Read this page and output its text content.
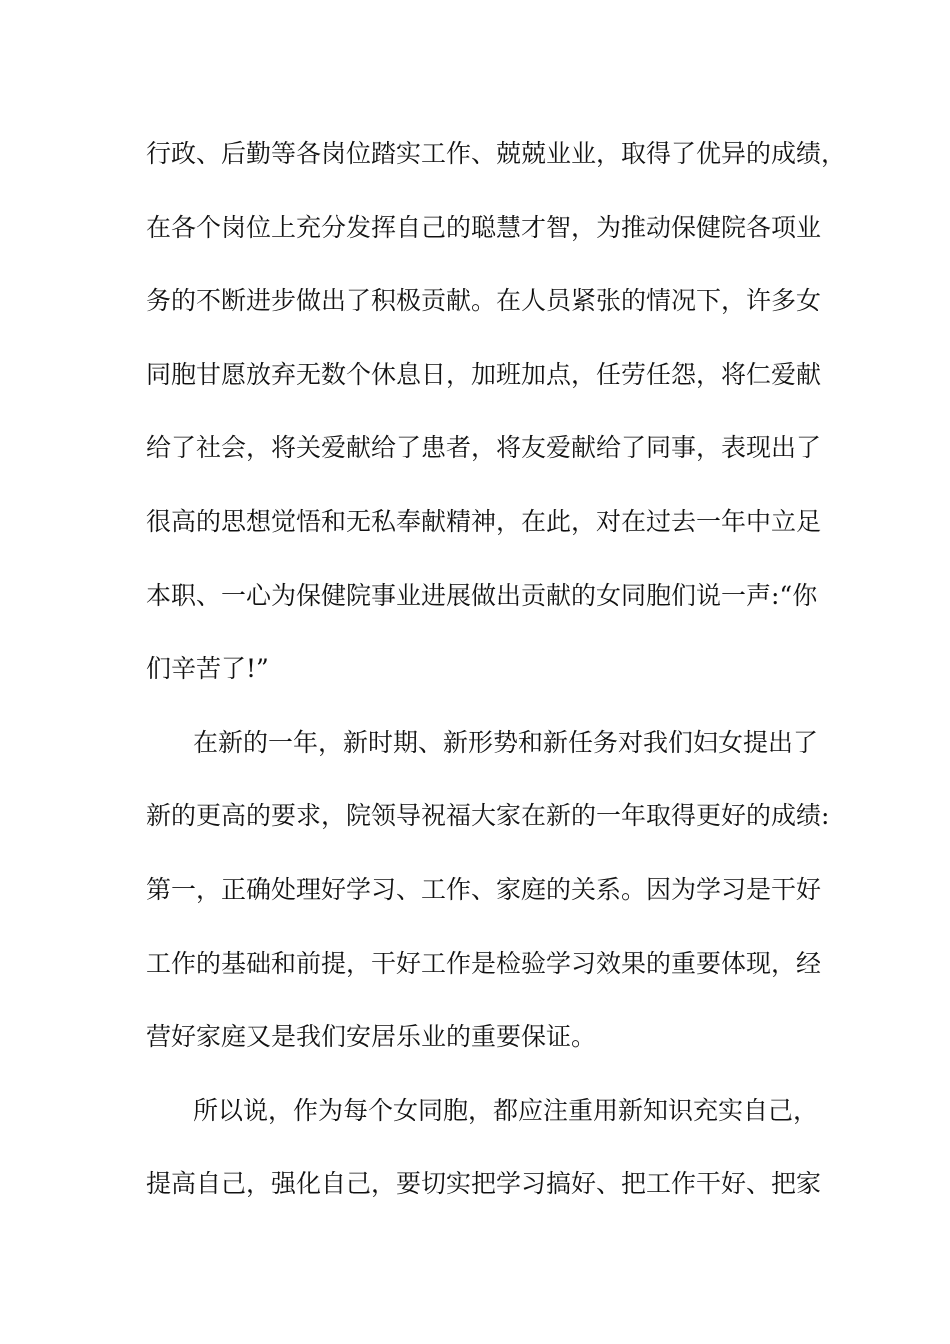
行政、后勤等各岗位踏实工作、兢兢业业，取得了优异的成绩，
在各个岗位上充分发挥自己的聪慧才智，为推动保健院各项业
务的不断进步做出了积极贡献。在人员紧张的情况下，许多女
同胞甘愿放弃无数个休息日，加班加点，任劳任怨，将仁爱献
给了社会，将关爱献给了患者，将友爱献给了同事，表现出了
很高的思想觉悟和无私奉献精神，在此，对在过去一年中立足
本职、一心为保健院事业进展做出贡献的女同胞们说一声:“你
们辛苦了!”
在新的一年，新时期、新形势和新任务对我们妇女提出了
新的更高的要求，院领导祝福大家在新的一年取得更好的成绩:
第一，正确处理好学习、工作、家庭的关系。因为学习是干好
工作的基础和前提，干好工作是检验学习效果的重要体现，经
营好家庭又是我们安居乐业的重要保证。
所以说，作为每个女同胞，都应注重用新知识充实自己，
提高自己，强化自己，要切实把学习搞好、把工作干好、把家
